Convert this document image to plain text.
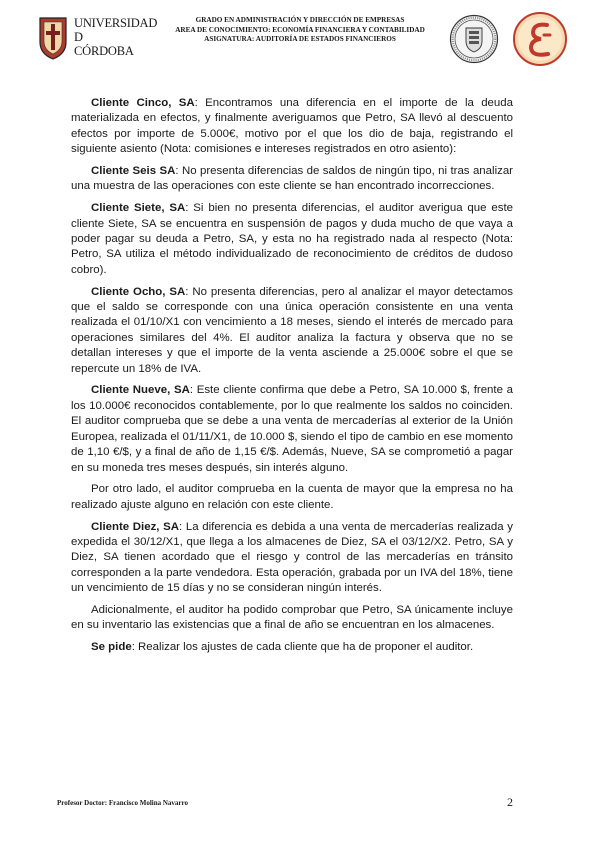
UNIVERSIDAD
D
CÓRDOBA
GRADO EN ADMINISTRACIÓN Y DIRECCIÓN DE EMPRESAS
AREA DE CONOCIMIENTO: ECONOMÍA FINANCIERA Y CONTABILIDAD
ASIGNATURA: AUDITORÍA DE ESTADOS FINANCIEROS

Cliente Cinco, SA: Encontramos una diferencia en el importe de la deuda materializada en efectos, y finalmente averiguamos que Petro, SA llevó al descuento efectos por importe de 5.000€, motivo por el que los dio de baja, registrando el siguiente asiento (Nota: comisiones e intereses registrados en otro asiento):

Cliente Seis SA: No presenta diferencias de saldos de ningún tipo, ni tras analizar una muestra de las operaciones con este cliente se han encontrado incorrecciones.

Cliente Siete, SA: Si bien no presenta diferencias, el auditor averigua que este cliente Siete, SA se encuentra en suspensión de pagos y duda mucho de que vaya a poder pagar su deuda a Petro, SA, y esta no ha registrado nada al respecto (Nota: Petro, SA utiliza el método individualizado de reconocimiento de créditos de dudoso cobro).

Cliente Ocho, SA: No presenta diferencias, pero al analizar el mayor detectamos que el saldo se corresponde con una única operación consistente en una venta realizada el 01/10/X1 con vencimiento a 18 meses, siendo el interés de mercado para operaciones similares del 4%. El auditor analiza la factura y observa que no se detallan intereses y que el importe de la venta asciende a 25.000€ sobre el que se repercute un 18% de IVA.

Cliente Nueve, SA: Este cliente confirma que debe a Petro, SA 10.000 $, frente a los 10.000€ reconocidos contablemente, por lo que realmente los saldos no coinciden. El auditor comprueba que se debe a una venta de mercaderías al exterior de la Unión Europea, realizada el 01/11/X1, de 10.000 $, siendo el tipo de cambio en ese momento de 1,10 €/$, y a final de año de 1,15 €/$. Además, Nueve, SA se comprometió a pagar en su moneda tres meses después, sin interés alguno.

Por otro lado, el auditor comprueba en la cuenta de mayor que la empresa no ha realizado ajuste alguno en relación con este cliente.

Cliente Diez, SA: La diferencia es debida a una venta de mercaderías realizada y expedida el 30/12/X1, que llega a los almacenes de Diez, SA el 03/12/X2. Petro, SA y Diez, SA tienen acordado que el riesgo y control de las mercaderías en tránsito corresponden a la parte vendedora. Esta operación, grabada por un IVA del 18%, tiene un vencimiento de 15 días y no se consideran ningún interés.

Adicionalmente, el auditor ha podido comprobar que Petro, SA únicamente incluye en su inventario las existencias que a final de año se encuentran en los almacenes.

Se pide: Realizar los ajustes de cada cliente que ha de proponer el auditor.

Profesor Doctor: Francisco Molina Navarro	2
